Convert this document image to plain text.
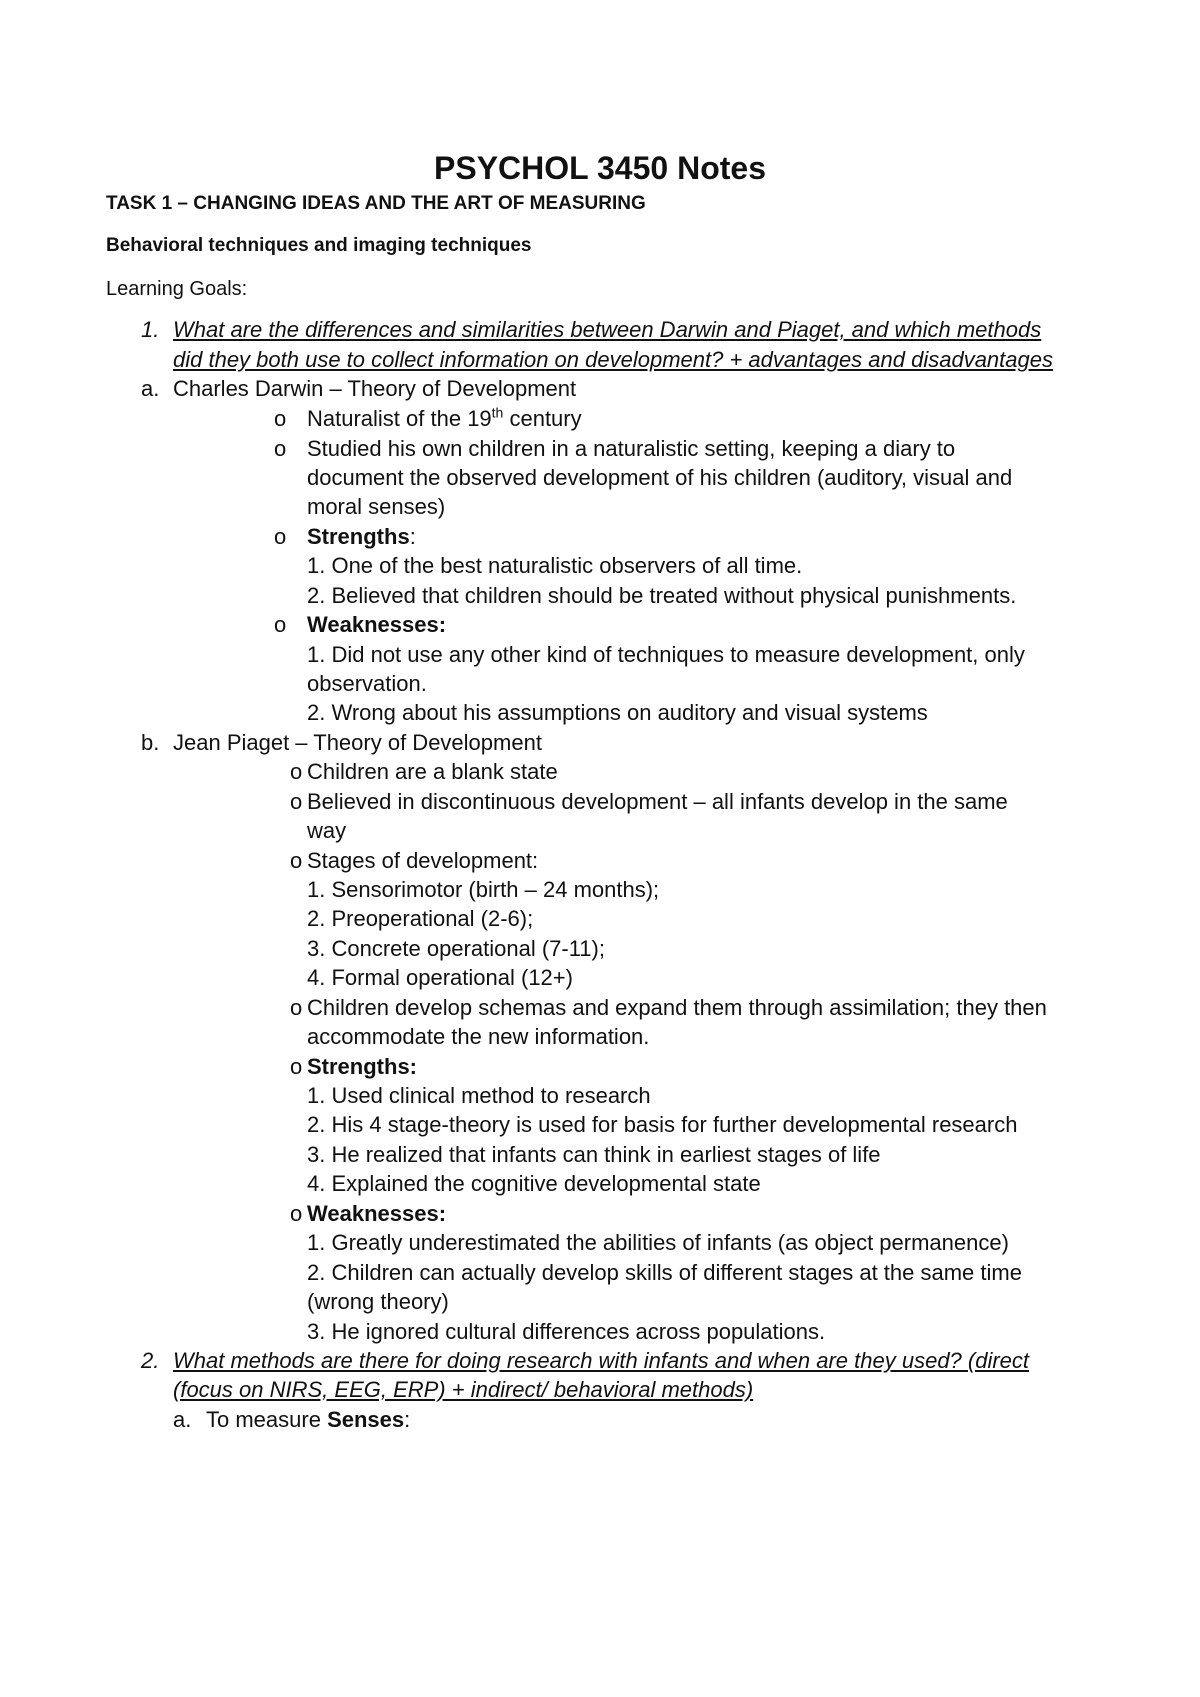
PSYCHOL 3450 Notes
TASK 1 – CHANGING IDEAS AND THE ART OF MEASURING
Behavioral techniques and imaging techniques
Learning Goals:
1. What are the differences and similarities between Darwin and Piaget, and which methods
did they both use to collect information on development? + advantages and disadvantages
a. Charles Darwin – Theory of Development
o Naturalist of the 19th century
o Studied his own children in a naturalistic setting, keeping a diary to
document the observed development of his children (auditory, visual and
moral senses)
o Strengths:
1. One of the best naturalistic observers of all time.
2. Believed that children should be treated without physical punishments.
o Weaknesses:
1. Did not use any other kind of techniques to measure development, only
observation.
2. Wrong about his assumptions on auditory and visual systems
b. Jean Piaget – Theory of Development
o Children are a blank state
o Believed in discontinuous development – all infants develop in the same
way
o Stages of development:
1. Sensorimotor (birth – 24 months);
2. Preoperational (2-6);
3. Concrete operational (7-11);
4. Formal operational (12+)
o Children develop schemas and expand them through assimilation; they then
accommodate the new information.
o Strengths:
1. Used clinical method to research
2. His 4 stage-theory is used for basis for further developmental research
3. He realized that infants can think in earliest stages of life
4. Explained the cognitive developmental state
o Weaknesses:
1. Greatly underestimated the abilities of infants (as object permanence)
2. Children can actually develop skills of different stages at the same time
(wrong theory)
3. He ignored cultural differences across populations.
2. What methods are there for doing research with infants and when are they used? (direct
(focus on NIRS, EEG, ERP) + indirect/ behavioral methods)
a. To measure Senses:
